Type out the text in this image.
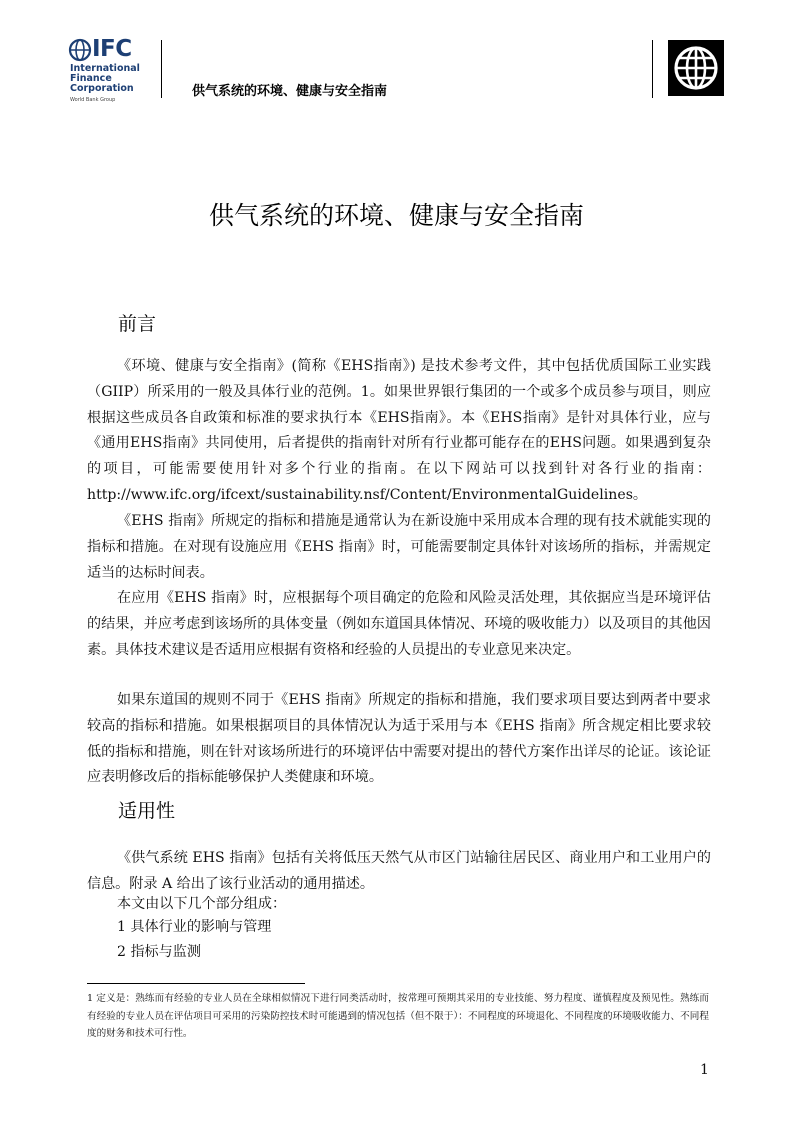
IFC
International
Finance
Corporation
World Bank Group
供气系统的环境、健康与安全指南
供气系统的环境、健康与安全指南
前言

《环境、健康与安全指南》(简称《EHS指南》) 是技术参考文件，其中包括优质国际工业实践（GIIP）所采用的一般及具体行业的范例。1。如果世界银行集团的一个或多个成员参与项目，则应根据这些成员各自政策和标准的要求执行本《EHS指南》。本《EHS指南》是针对具体行业，应与《通用EHS指南》共同使用，后者提供的指南针对所有行业都可能存在的EHS问题。如果遇到复杂的项目，可能需要使用针对多个行业的指南。在以下网站可以找到针对各行业的指南：http://www.ifc.org/ifcext/sustainability.nsf/Content/EnvironmentalGuidelines。

《EHS 指南》所规定的指标和措施是通常认为在新设施中采用成本合理的现有技术就能实现的指标和措施。在对现有设施应用《EHS 指南》时，可能需要制定具体针对该场所的指标，并需规定适当的达标时间表。

在应用《EHS 指南》时，应根据每个项目确定的危险和风险灵活处理，其依据应当是环境评估的结果，并应考虑到该场所的具体变量（例如东道国具体情况、环境的吸收能力）以及项目的其他因素。具体技术建议是否适用应根据有资格和经验的人员提出的专业意见来决定。

如果东道国的规则不同于《EHS 指南》所规定的指标和措施，我们要求项目要达到两者中要求较高的指标和措施。如果根据项目的具体情况认为适于采用与本《EHS 指南》所含规定相比要求较低的指标和措施，则在针对该场所进行的环境评估中需要对提出的替代方案作出详尽的论证。该论证应表明修改后的指标能够保护人类健康和环境。

适用性

《供气系统 EHS 指南》包括有关将低压天然气从市区门站输往居民区、商业用户和工业用户的信息。附录 A 给出了该行业活动的通用描述。

本文由以下几个部分组成：

1 具体行业的影响与管理
2 指标与监测

1 定义是：熟练而有经验的专业人员在全球相似情况下进行同类活动时，按常理可预期其采用的专业技能、努力程度、谨慎程度及预见性。熟练而有经验的专业人员在评估项目可采用的污染防控技术时可能遇到的情况包括（但不限于）：不同程度的环境退化、不同程度的环境吸收能力、不同程度的财务和技术可行性。

1
